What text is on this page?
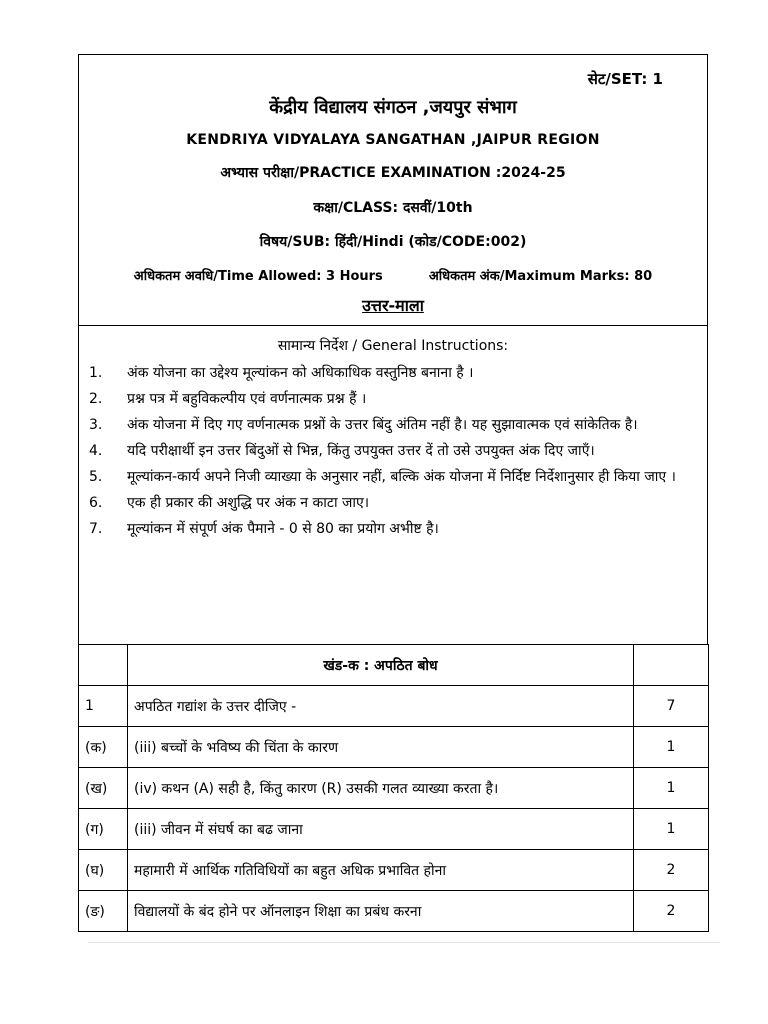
सेट/SET: 1
केंद्रीय विद्यालय संगठन ,जयपुर संभाग
KENDRIYA VIDYALAYA SANGATHAN ,JAIPUR REGION
अभ्यास परीक्षा/PRACTICE EXAMINATION :2024-25
कक्षा/CLASS: दसवीं/10th
विषय/SUB: हिंदी/Hindi (कोड/CODE:002)
अधिकतम अवधि/Time Allowed: 3 Hours	अधिकतम अंक/Maximum Marks: 80
उत्तर-माला
सामान्य निर्देश / General Instructions:
1.	अंक योजना का उद्देश्य मूल्यांकन को अधिकाधिक वस्तुनिष्ठ बनाना है ।
2.	प्रश्न पत्र में बहुविकल्पीय एवं वर्णनात्मक प्रश्न हैं ।
3.	अंक योजना में दिए गए वर्णनात्मक प्रश्नों के उत्तर बिंदु अंतिम नहीं है। यह सुझावात्मक एवं सांकेतिक है।
4.	यदि परीक्षार्थी इन उत्तर बिंदुओं से भिन्न, किंतु उपयुक्त उत्तर दें तो उसे उपयुक्त अंक दिए जाएँ।
5.	मूल्यांकन-कार्य अपने निजी व्याख्या के अनुसार नहीं, बल्कि अंक योजना में निर्दिष्ट निर्देशानुसार ही किया जाए ।
6.	एक ही प्रकार की अशुद्धि पर अंक न काटा जाए।
7.	मूल्यांकन में संपूर्ण अंक पैमाने - 0 से 80 का प्रयोग अभीष्ट है।
	खंड-क : अपठित बोध	
1	अपठित गद्यांश के उत्तर दीजिए -	7
(क)	(iii) बच्चों के भविष्य की चिंता के कारण	1
(ख)	(iv) कथन (A) सही है, किंतु कारण (R) उसकी गलत व्याख्या करता है।	1
(ग)	(iii) जीवन में संघर्ष का बढ जाना	1
(घ)	महामारी में आर्थिक गतिविधियों का बहुत अधिक प्रभावित होना	2
(ङ)	विद्यालयों के बंद होने पर ऑनलाइन शिक्षा का प्रबंध करना	2
